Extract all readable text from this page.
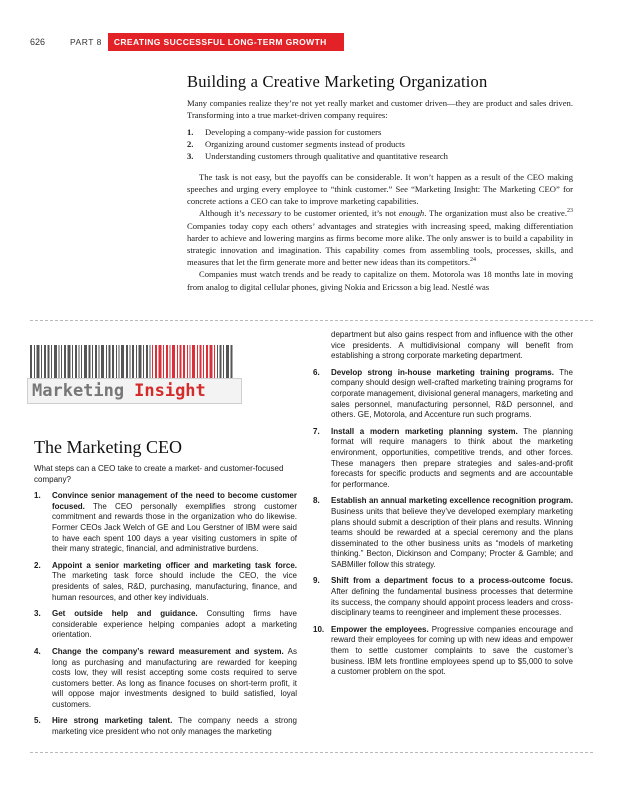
626	PART 8	CREATING SUCCESSFUL LONG-TERM GROWTH
Building a Creative Marketing Organization

Many companies realize they’re not yet really market and customer driven—they are product and sales driven. Transforming into a true market-driven company requires:

1.	Developing a company-wide passion for customers
2.	Organizing around customer segments instead of products
3.	Understanding customers through qualitative and quantitative research

The task is not easy, but the payoffs can be considerable. It won’t happen as a result of the CEO making speeches and urging every employee to “think customer.” See “Marketing Insight: The Marketing CEO” for concrete actions a CEO can take to improve marketing capabilities.

Although it’s necessary to be customer oriented, it’s not enough. The organization must also be creative.$^{23}$ Companies today copy each others’ advantages and strategies with increasing speed, making differentiation harder to achieve and lowering margins as firms become more alike. The only answer is to build a capability in strategic innovation and imagination. This capability comes from assembling tools, processes, skills, and measures that let the firm generate more and better new ideas than its competitors.$^{24}$

Companies must watch trends and be ready to capitalize on them. Motorola was 18 months late in moving from analog to digital cellular phones, giving Nokia and Ericsson a big lead. Nestlé was

Marketing Insight
The Marketing CEO

What steps can a CEO take to create a market- and customer-focused company?

1.	Convince senior management of the need to become customer focused. The CEO personally exemplifies strong customer commitment and rewards those in the organization who do likewise. Former CEOs Jack Welch of GE and Lou Gerstner of IBM were said to have each spent 100 days a year visiting customers in spite of their many strategic, financial, and administrative burdens.
2.	Appoint a senior marketing officer and marketing task force. The marketing task force should include the CEO, the vice presidents of sales, R&D, purchasing, manufacturing, finance, and human resources, and other key individuals.
3.	Get outside help and guidance. Consulting firms have considerable experience helping companies adopt a marketing orientation.
4.	Change the company’s reward measurement and system. As long as purchasing and manufacturing are rewarded for keeping costs low, they will resist accepting some costs required to serve customers better. As long as finance focuses on short-term profit, it will oppose major investments designed to build satisfied, loyal customers.
5.	Hire strong marketing talent. The company needs a strong marketing vice president who not only manages the marketing

department but also gains respect from and influence with the other vice presidents. A multidivisional company will benefit from establishing a strong corporate marketing department.

6.	Develop strong in-house marketing training programs. The company should design well-crafted marketing training programs for corporate management, divisional general managers, marketing and sales personnel, manufacturing personnel, R&D personnel, and others. GE, Motorola, and Accenture run such programs.
7.	Install a modern marketing planning system. The planning format will require managers to think about the marketing environment, opportunities, competitive trends, and other forces. These managers then prepare strategies and sales-and-profit forecasts for specific products and segments and are accountable for performance.
8.	Establish an annual marketing excellence recognition program. Business units that believe they’ve developed exemplary marketing plans should submit a description of their plans and results. Winning teams should be rewarded at a special ceremony and the plans disseminated to the other business units as “models of marketing thinking.” Becton, Dickinson and Company; Procter & Gamble; and SABMiller follow this strategy.
9.	Shift from a department focus to a process-outcome focus. After defining the fundamental business processes that determine its success, the company should appoint process leaders and cross-disciplinary teams to reengineer and implement these processes.
10. Empower the employees. Progressive companies encourage and reward their employees for coming up with new ideas and empower them to settle customer complaints to save the customer’s business. IBM lets frontline employees spend up to $5,000 to solve a customer problem on the spot.
